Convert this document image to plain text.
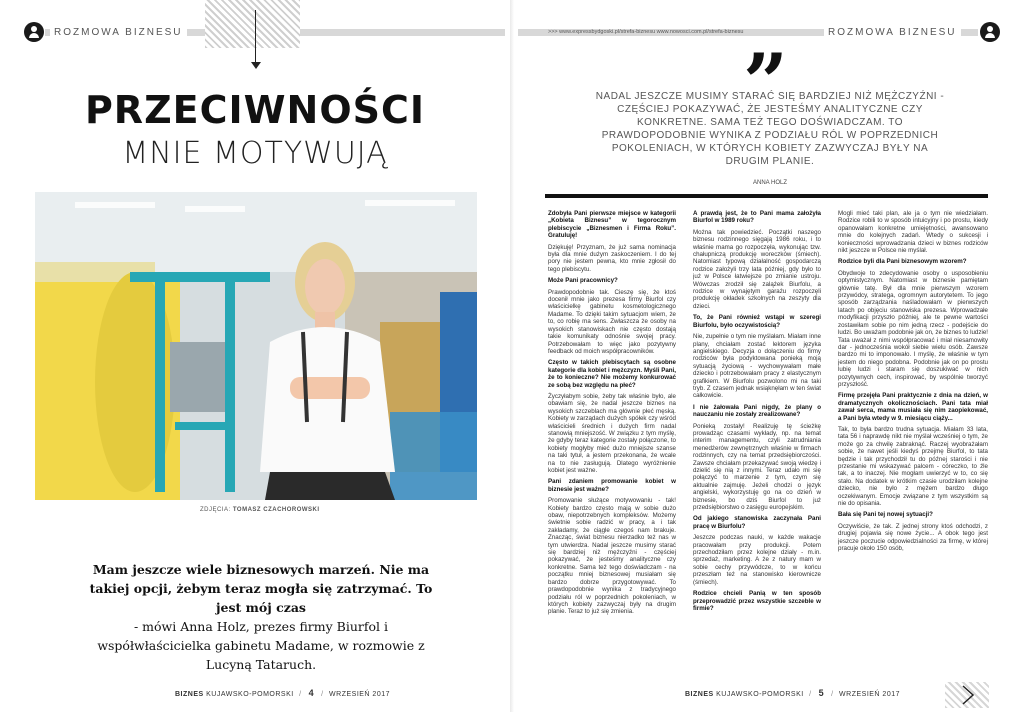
ROZMOWA BIZNESU	>>> www.expressbydgoski.pl/strefa-biznesu www.nowosci.com.pl/strefa-biznesu	ROZMOWA BIZNESU
PRZECIWNOŚCI
MNIE MOTYWUJĄ
ZDJĘCIA: TOMASZ CZACHOROWSKI
Mam jeszcze wiele biznesowych marzeń. Nie ma takiej opcji, żebym teraz mogła się zatrzymać. To jest mój czas
- mówi Anna Holz, prezes firmy Biurfol i współwłaścicielka gabinetu Madame, w rozmowie z Lucyną Tataruch.
BIZNES KUJAWSKO-POMORSKI / 4 / WRZESIEŃ 2017	BIZNES KUJAWSKO-POMORSKI / 5 / WRZESIEŃ 2017
”
NADAL JESZCZE MUSIMY STARAĆ SIĘ BARDZIEJ NIŻ MĘŻCZYŹNI - CZĘŚCIEJ POKAZYWAĆ, ŻE JESTEŚMY ANALITYCZNE CZY KONKRETNE. SAMA TEŻ TEGO DOŚWIADCZAM. TO PRAWDOPODOBNIE WYNIKA Z PODZIAŁU RÓL W POPRZEDNICH POKOLENIACH, W KTÓRYCH KOBIETY ZAZWYCZAJ BYŁY NA DRUGIM PLANIE.
ANNA HOLZ

Zdobyła Pani pierwsze miejsce w kategorii „Kobieta Biznesu” w tegorocznym plebiscycie „Biznesmen i Firma Roku”. Gratuluję!

Dziękuję! Przyznam, że już sama nominacja była dla mnie dużym zaskoczeniem. I do tej pory nie jestem pewna, kto mnie zgłosił do tego plebiscytu.

Może Pani pracownicy?

Prawdopodobnie tak. Cieszę się, że ktoś docenił mnie jako prezesa firmy Biurfol czy właścicielkę gabinetu kosmetologicznego Madame. To dzięki takim sytuacjom wiem, że to, co robię ma sens. Zwłaszcza że osoby na wysokich stanowiskach nie często dostają takie komunikaty odnośnie swojej pracy. Potrzebowałam to więc jako pozytywny feedback od moich współpracowników.

Często w takich plebiscytach są osobne kategorie dla kobiet i mężczyzn. Myśli Pani, że to konieczne? Nie możemy konkurować ze sobą bez względu na płeć?

Życzyłabym sobie, żeby tak właśnie było, ale obawiam się, że nadal jeszcze biznes na wysokich szczeblach ma głównie płeć męską. Kobiety w zarządach dużych spółek czy wśród właścicieli średnich i dużych firm nadal stanowią mniejszość. W związku z tym myślę, że gdyby teraz kategorie zostały połączone, to kobiety mogłyby mieć dużo mniejsze szanse na taki tytuł, a jestem przekonana, że wcale na to nie zasługują. Dlatego wyróżnienie kobiet jest ważne.

Pani zdaniem promowanie kobiet w biznesie jest ważne?

Promowanie służące motywowaniu - tak! Kobiety bardzo często mają w sobie dużo obaw, niepotrzebnych kompleksów. Możemy świetnie sobie radzić w pracy, a i tak zakładamy, że ciągle czegoś nam brakuje. Znacząc, świat biznesu nierzadko też nas w tym utwierdza. Nadal jeszcze musimy starać się bardziej niż mężczyźni - częściej pokazywać, że jesteśmy analityczne czy konkretne. Sama też tego doświadczam - na początku mniej biznesowej musiałam się bardzo dobrze przygotowywać. To prawdopodobnie wynika z tradycyjnego podziału ról w poprzednich pokoleniach, w których kobiety zazwyczaj były na drugim planie. Teraz to już się zmienia.

A prawdą jest, że to Pani mama założyła Biurfol w 1989 roku?

Można tak powiedzieć. Początki naszego biznesu rodzinnego sięgają 1986 roku, i to właśnie mama go rozpoczęła, wykonując tzw. chałupniczą produkcję woreczków (śmiech). Natomiast typową działalność gospodarczą rodzice założyli trzy lata później, gdy było to już w Polsce łatwiejsze po zmianie ustroju. Wówczas zrodził się zalążek Biurfolu, a rodzice w wynajętym garażu rozpoczęli produkcję okładek szkolnych na zeszyty dla dzieci.

To, że Pani również wstąpi w szeregi Biurfolu, było oczywistością?

Nie, zupełnie o tym nie myślałam. Miałam inne plany, chciałam zostać lektorem języka angielskiego. Decyzja o dołączeniu do firmy rodziców była podyktowana ponieką moją sytuacją życiową - wychowywałam małe dziecko i potrzebowałam pracy z elastycznym grafikiem. W Biurfolu pozwolono mi na taki tryb. Z czasem jednak wsiąknęłam w ten świat całkowicie.

I nie żałowała Pani nigdy, że plany o nauczaniu nie zostały zrealizowane?

Ponieką zostały! Realizuję tę ścieżkę prowadząc czasami wykłady, np. na temat interim managementu, czyli zatrudniania menedżerów zewnętrznych właśnie w firmach rodzinnych, czy na temat przedsiębiorczości. Zawsze chciałam przekazywać swoją wiedzę i dzielić się nią z innymi. Teraz udało mi się połączyć to marzenie z tym, czym się aktualnie zajmuję. Jeżeli chodzi o język angielski, wykorzystuję go na co dzień w biznesie, bo dziś Biurfol to już przedsiębiorstwo o zasięgu europejskim.

Od jakiego stanowiska zaczynała Pani pracę w Biurfolu?

Jeszcze podczas nauki, w każde wakacje pracowałam przy produkcji. Potem przechodziłam przez kolejne działy - m.in. sprzedaż, marketing. A że z natury mam w sobie cechy przywódcze, to w końcu przeszłam też na stanowisko kierownicze (śmiech).

Rodzice chcieli Panią w ten sposób przeprowadzić przez wszystkie szczeble w firmie?

Mogli mieć taki plan, ale ja o tym nie wiedziałam. Rodzice robili to w sposób intuicyjny i po prostu, kiedy opanowałam konkretne umiejętności, awansowano mnie do kolejnych zadań. Wtedy o sukcesji i konieczności wprowadzania dzieci w biznes rodziców nikt jeszcze w Polsce nie myślał.

Rodzice byli dla Pani biznesowym wzorem?

Obydwoje to zdecydowanie osoby o usposobieniu optymistycznym. Natomiast w biznesie pamiętam głównie tatę. Był dla mnie pierwszym wzorem przywódcy, stratega, ogromnym autorytetem. To jego sposób zarządzania naśladowałam w pierwszych latach po objęciu stanowiska prezesa. Wprowadzałe modyfikacji przyszło później, ale te pewne wartości zostawiłam sobie po nim jedną rzecz - podejście do ludzi. Bo uważam podobnie jak on, że biznes to ludzie! Tata uważał z nimi współpracować i miał niesamowity dar - jednocześnia wokół siebie wielu osób. Zawsze bardzo mi to imponowało. I myślę, że właśnie w tym jestem do niego podobna. Podobnie jak on po prostu lubię ludzi i staram się doszukiwać w nich pozytywnych cech, inspirować, by wspólnie tworzyć przyszłość.

Firmę przejęła Pani praktycznie z dnia na dzień, w dramatycznych okolicznościach. Pani tata miał zawał serca, mama musiała się nim zaopiekować, a Pani była wtedy w 9. miesiącu ciąży...

Tak, to była bardzo trudna sytuacja. Miałam 33 lata, tata 56 i naprawdę nikt nie myślał wcześniej o tym, że może go za chwilę zabraknąć. Raczej wyobrażałam sobie, że nawet jeśli kiedyś przejmę Biurfol, to tata będzie i tak przychodził tu do późnej starości i nie przestanie mi wskazywać palcem - córeczko, to źle tak, a to inaczej. Nie mogłam uwierzyć w to, co się stało. Na dodatek w krótkim czasie urodziłam kolejne dziecko, nie było z mężem bardzo długo oczekiwanym. Emocje związane z tym wszystkim są nie do opisania.

Bała się Pani tej nowej sytuacji?

Oczywiście, że tak. Z jednej strony ktoś odchodzi, z drugiej pojawia się nowe życie... A obok tego jest jeszcze poczucie odpowiedzialności za firmę, w której pracuje około 150 osób,
